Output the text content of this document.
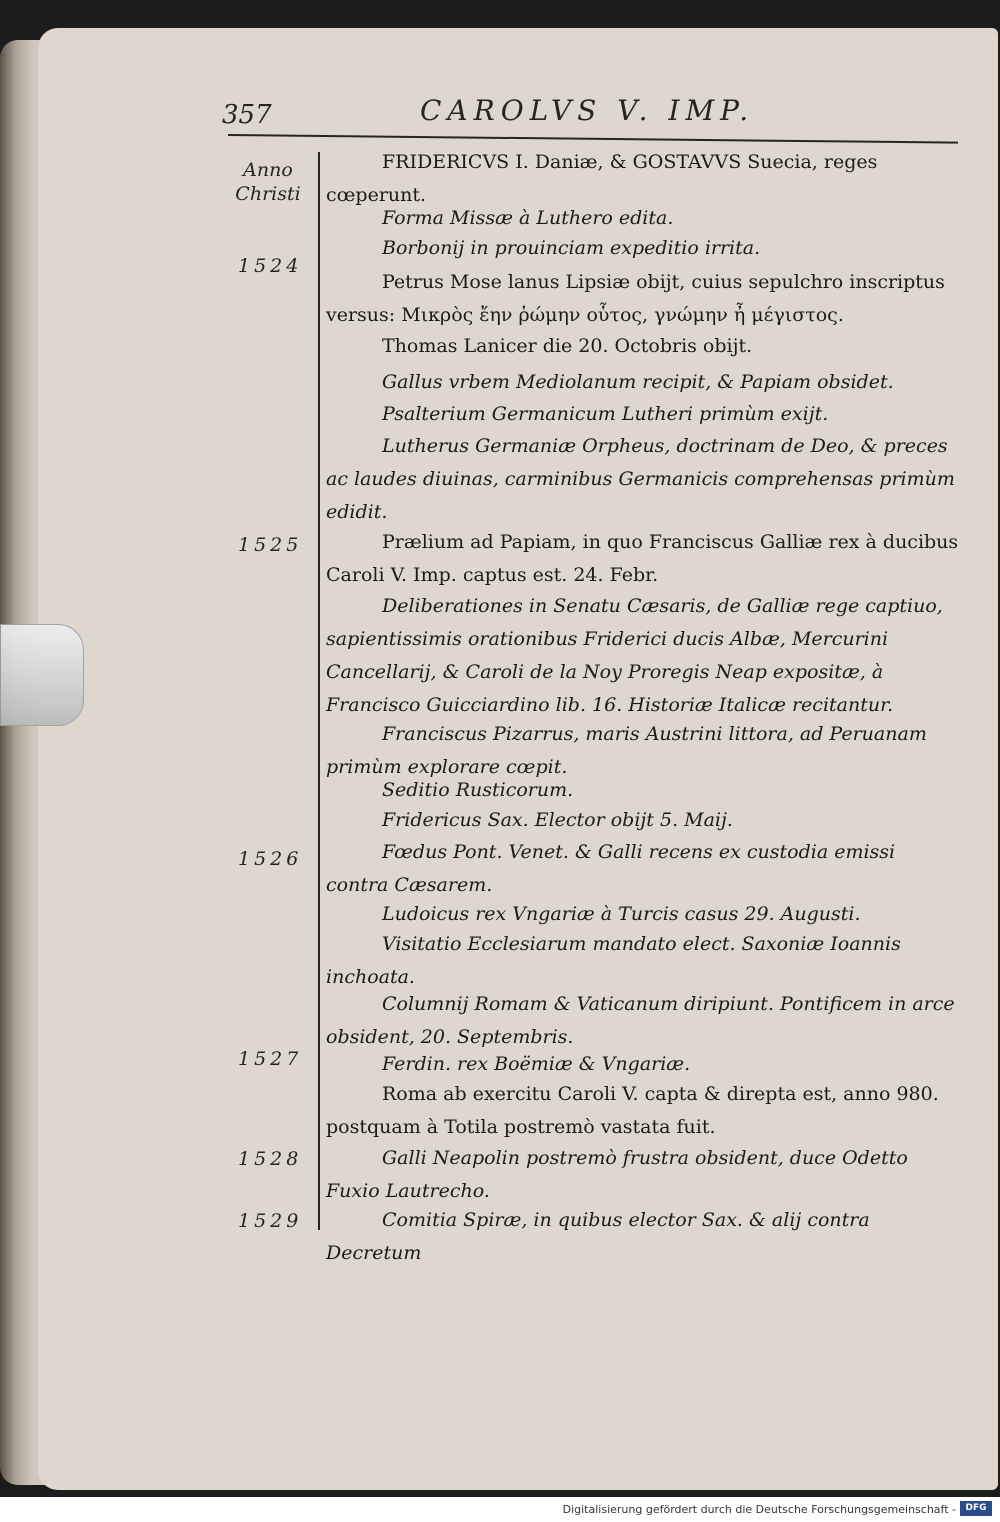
357	CAROLVS V. IMP.
Anno
Christi
1524
1525
1526
1527
1528
1529
FRIDERICVS I. Daniæ, & GOSTAVVS Suecia, reges cœperunt.
Forma Missæ à Luthero edita.
Borbonij in prouinciam expeditio irrita.
Petrus Mose lanus Lipsiæ obijt, cuius sepulchro inscriptus versus: Μικρὸς ἔην ῥώμην οὗτος, γνώμην ἦ μέγιστος.
Thomas Lanicer die 20. Octobris obijt.
Gallus vrbem Mediolanum recipit, & Papiam obsidet.
Psalterium Germanicum Lutheri primùm exijt.
Lutherus Germaniæ Orpheus, doctrinam de Deo, & preces ac laudes diuinas, carminibus Germanicis comprehensas primùm edidit.
Prælium ad Papiam, in quo Franciscus Galliæ rex à ducibus Caroli V. Imp. captus est. 24. Febr.
Deliberationes in Senatu Cæsaris, de Galliæ rege captiuo, sapientissimis orationibus Friderici ducis Albæ, Mercurini Cancellarij, & Caroli de la Noy Proregis Neap expositæ, à Francisco Guicciardino lib. 16. Historiæ Italicæ recitantur.
Franciscus Pizarrus, maris Austrini littora, ad Peruanam primùm explorare cœpit.
Seditio Rusticorum.
Fridericus Sax. Elector obijt 5. Maij.
Fœdus Pont. Venet. & Galli recens ex custodia emissi contra Cæsarem.
Ludoicus rex Vngariæ à Turcis casus 29. Augusti.
Visitatio Ecclesiarum mandato elect. Saxoniæ Ioannis inchoata.
Columnij Romam & Vaticanum diripiunt. Pontificem in arce obsident, 20. Septembris.
Ferdin. rex Boëmiæ & Vngariæ.
Roma ab exercitu Caroli V. capta & direpta est, anno 980. postquam à Totila postremò vastata fuit.
Galli Neapolin postremò frustra obsident, duce Odetto Fuxio Lautrecho.
Comitia Spiræ, in quibus elector Sax. & alij contra Decretum
Digitalisierung gefördert durch die Deutsche Forschungsgemeinschaft -	DFG
